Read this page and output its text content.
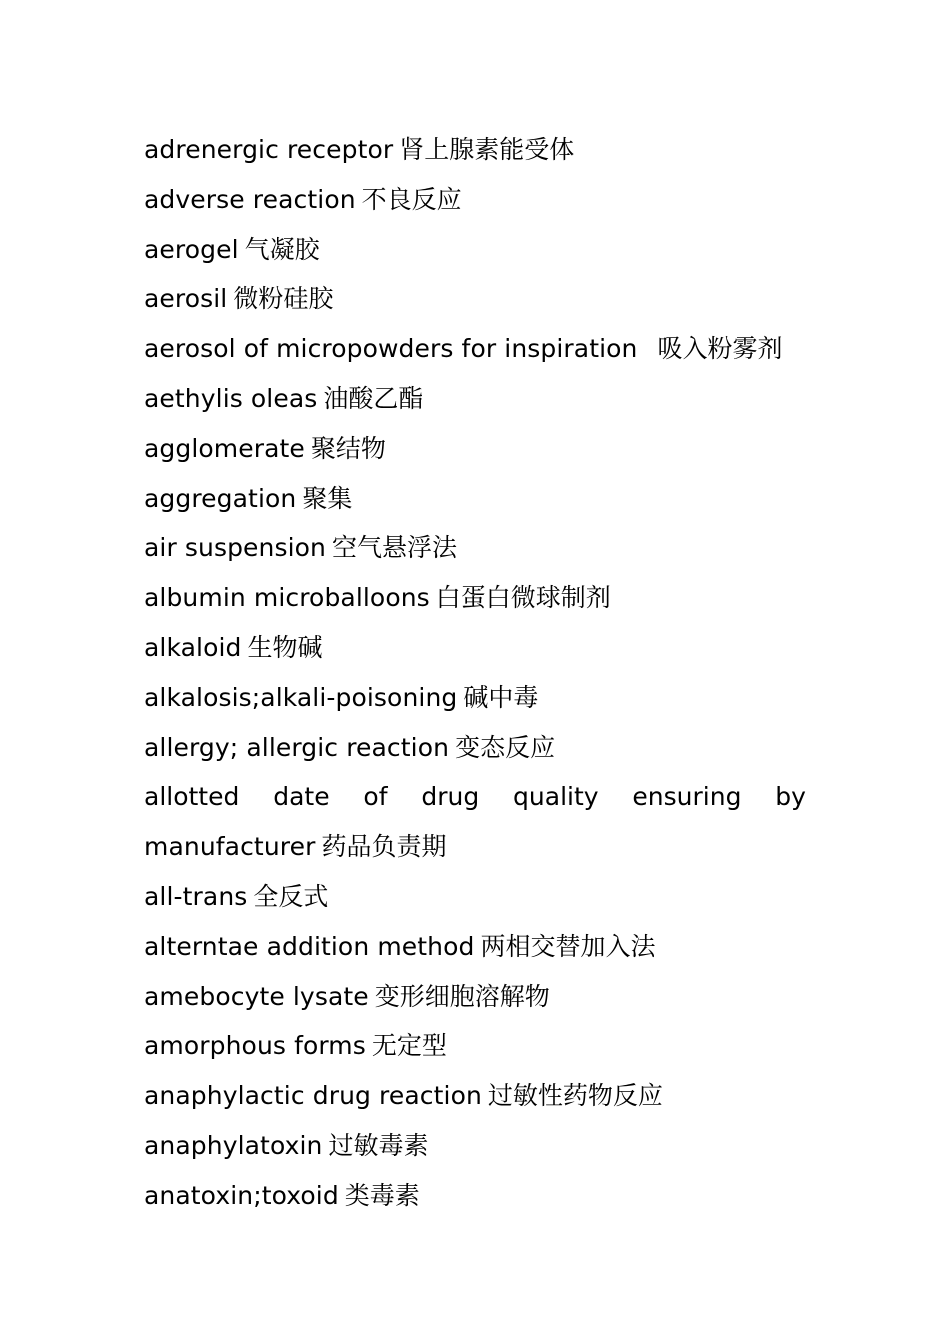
adrenergic receptor 肾上腺素能受体
adverse reaction 不良反应
aerogel 气凝胶
aerosil 微粉硅胶
aerosol of micropowders for inspiration 吸入粉雾剂
aethylis oleas 油酸乙酯
agglomerate 聚结物
aggregation 聚集
air suspension 空气悬浮法
albumin microballoons 白蛋白微球制剂
alkaloid 生物碱
alkalosis;alkali-poisoning 碱中毒
allergy; allergic reaction 变态反应
allotted date of drug quality ensuring by
manufacturer 药品负责期
all-trans 全反式
alterntae addition method 两相交替加入法
amebocyte lysate 变形细胞溶解物
amorphous forms 无定型
anaphylactic drug reaction 过敏性药物反应
anaphylatoxin 过敏毒素
anatoxin;toxoid 类毒素
